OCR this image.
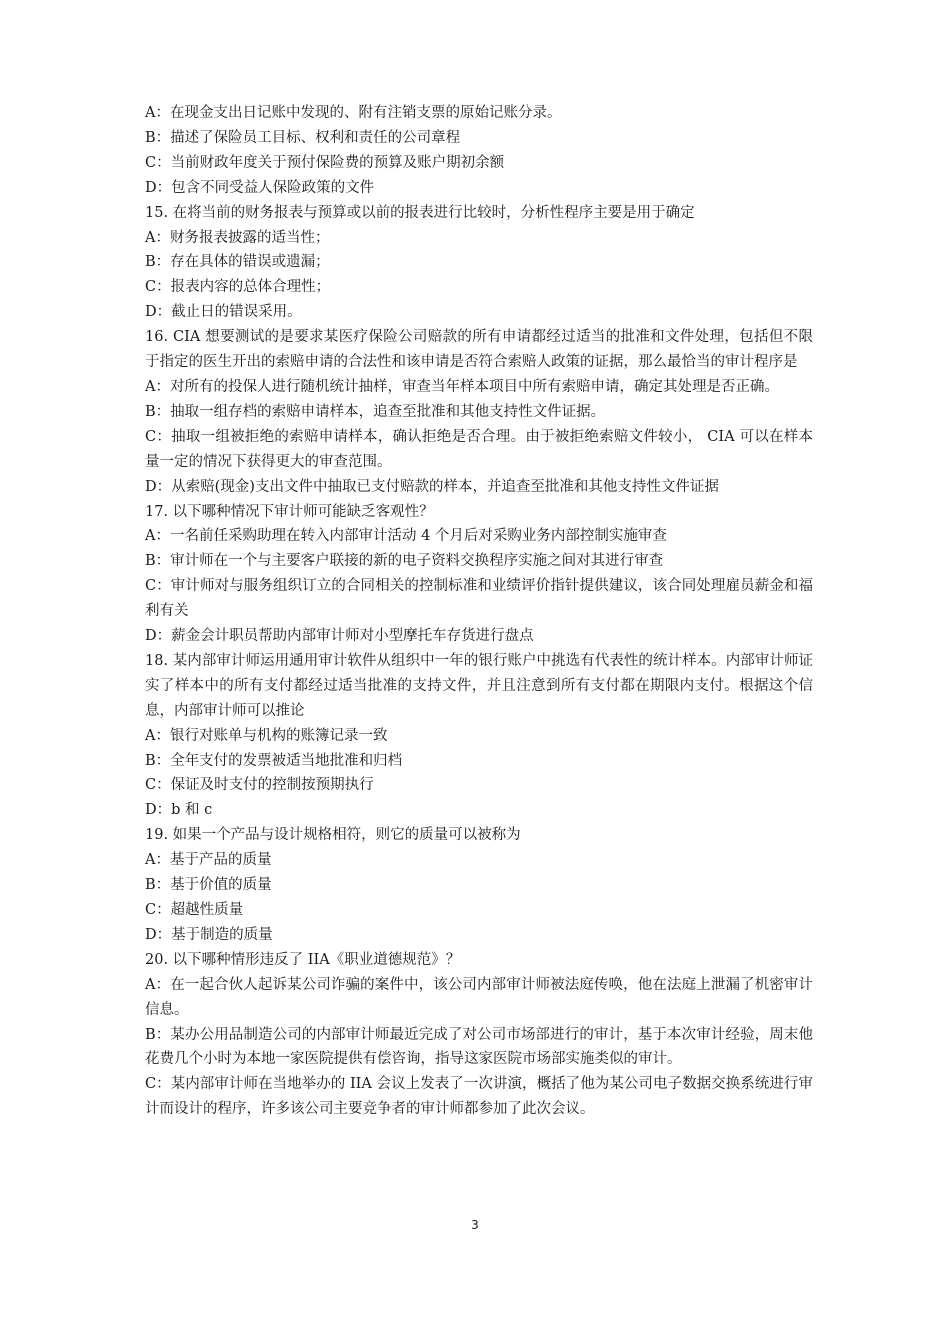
A：在现金支出日记账中发现的、附有注销支票的原始记账分录。
B：描述了保险员工目标、权利和责任的公司章程
C：当前财政年度关于预付保险费的预算及账户期初余额
D：包含不同受益人保险政策的文件
15. 在将当前的财务报表与预算或以前的报表进行比较时，分析性程序主要是用于确定
A：财务报表披露的适当性；
B：存在具体的错误或遗漏；
C：报表内容的总体合理性；
D：截止日的错误采用。
16. CIA 想要测试的是要求某医疗保险公司赔款的所有申请都经过适当的批准和文件处理，包括但不限于指定的医生开出的索赔申请的合法性和该申请是否符合索赔人政策的证据，那么最恰当的审计程序是
A：对所有的投保人进行随机统计抽样，审查当年样本项目中所有索赔申请，确定其处理是否正确。
B：抽取一组存档的索赔申请样本，追查至批准和其他支持性文件证据。
C：抽取一组被拒绝的索赔申请样本，确认拒绝是否合理。由于被拒绝索赔文件较小， CIA 可以在样本量一定的情况下获得更大的审查范围。
D：从索赔(现金)支出文件中抽取已支付赔款的样本，并追查至批准和其他支持性文件证据
17. 以下哪种情况下审计师可能缺乏客观性？
A：一名前任采购助理在转入内部审计活动 4 个月后对采购业务内部控制实施审查
B：审计师在一个与主要客户联接的新的电子资料交换程序实施之间对其进行审查
C：审计师对与服务组织订立的合同相关的控制标准和业绩评价指针提供建议，该合同处理雇员薪金和福利有关
D：薪金会计职员帮助内部审计师对小型摩托车存货进行盘点
18. 某内部审计师运用通用审计软件从组织中一年的银行账户中挑选有代表性的统计样本。内部审计师证实了样本中的所有支付都经过适当批准的支持文件，并且注意到所有支付都在期限内支付。根据这个信息，内部审计师可以推论
A：银行对账单与机构的账簿记录一致
B：全年支付的发票被适当地批准和归档
C：保证及时支付的控制按预期执行
D：b 和 c
19. 如果一个产品与设计规格相符，则它的质量可以被称为
A：基于产品的质量
B：基于价值的质量
C：超越性质量
D：基于制造的质量
20. 以下哪种情形违反了 IIA《职业道德规范》？
A：在一起合伙人起诉某公司诈骗的案件中，该公司内部审计师被法庭传唤，他在法庭上泄漏了机密审计信息。
B：某办公用品制造公司的内部审计师最近完成了对公司市场部进行的审计，基于本次审计经验，周末他花费几个小时为本地一家医院提供有偿咨询，指导这家医院市场部实施类似的审计。
C：某内部审计师在当地举办的 IIA 会议上发表了一次讲演，概括了他为某公司电子数据交换系统进行审计而设计的程序，许多该公司主要竞争者的审计师都参加了此次会议。
3
